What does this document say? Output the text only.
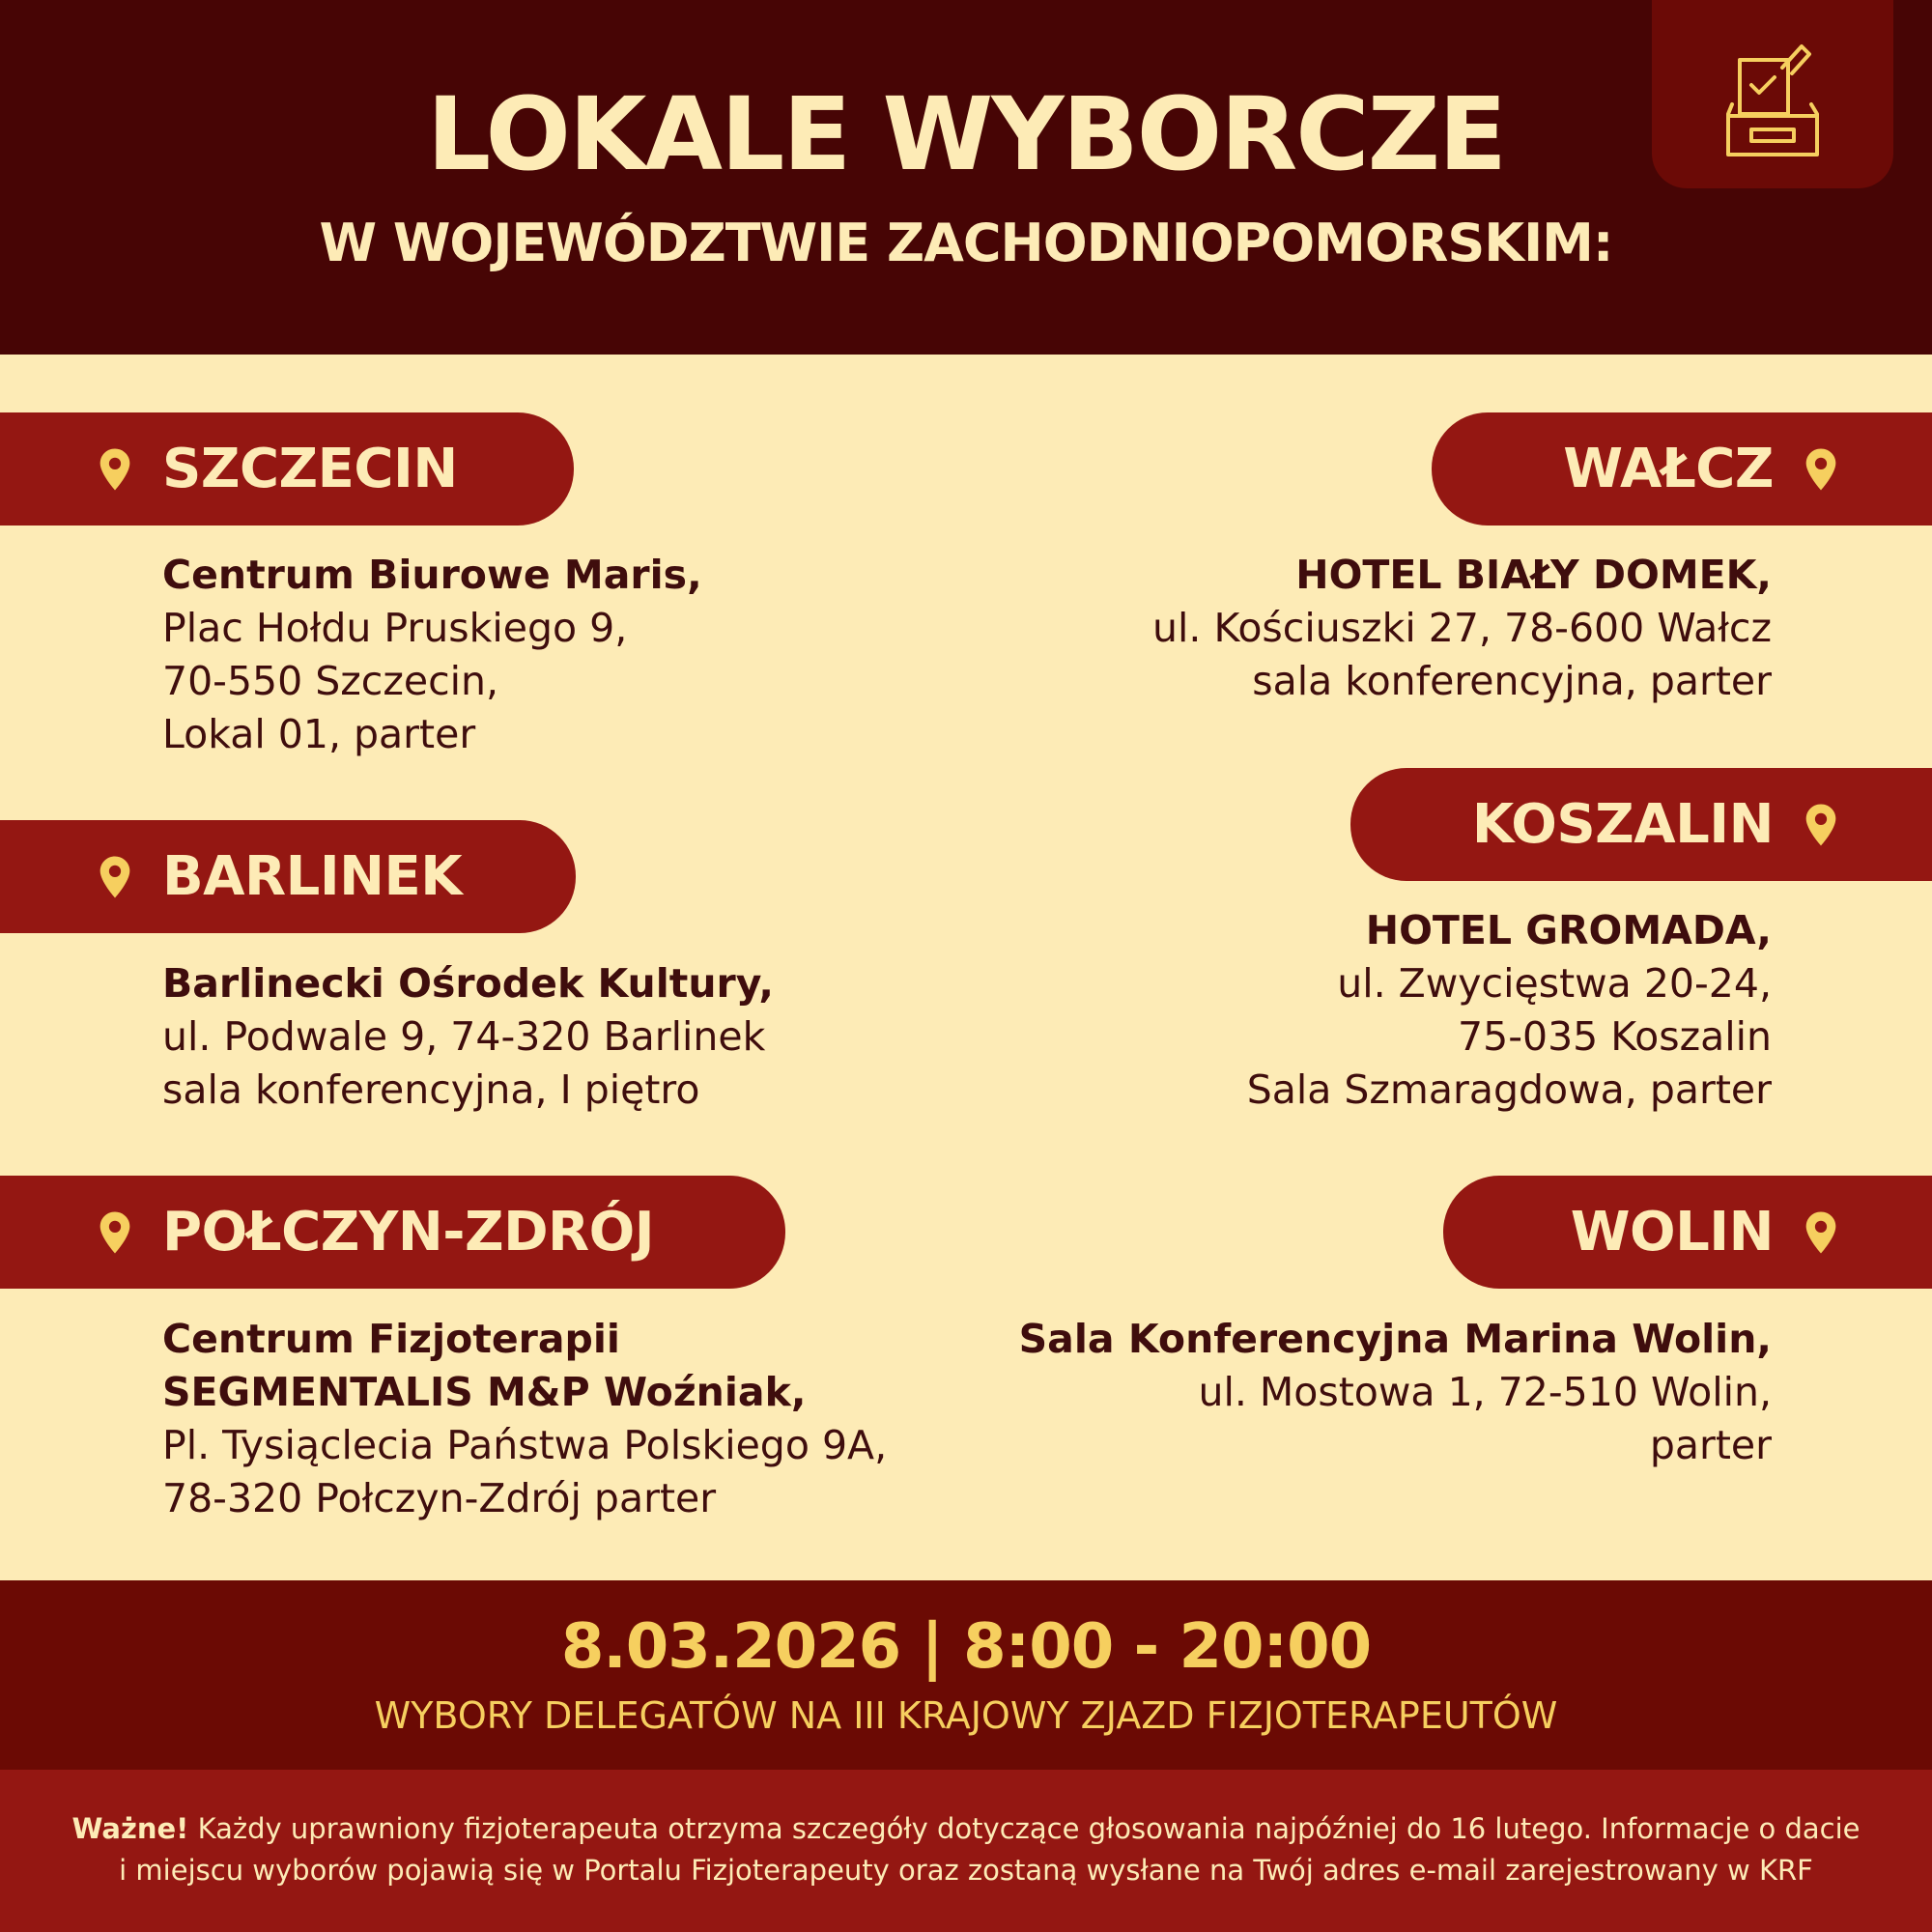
LOKALE WYBORCZE
W WOJEWÓDZTWIE ZACHODNIOPOMORSKIM:
SZCZECIN
Centrum Biurowe Maris,
Plac Hołdu Pruskiego 9,
70-550 Szczecin,
Lokal 01, parter
BARLINEK
Barlinecki Ośrodek Kultury,
ul. Podwale 9, 74-320 Barlinek
sala konferencyjna, I piętro
POŁCZYN-ZDRÓJ
Centrum Fizjoterapii
SEGMENTALIS M&P Woźniak,
Pl. Tysiąclecia Państwa Polskiego 9A,
78-320 Połczyn-Zdrój parter
WAŁCZ
HOTEL BIAŁY DOMEK,
ul. Kościuszki 27, 78-600 Wałcz
sala konferencyjna, parter
KOSZALIN
HOTEL GROMADA,
ul. Zwycięstwa 20-24,
75-035 Koszalin
Sala Szmaragdowa, parter
WOLIN
Sala Konferencyjna Marina Wolin,
ul. Mostowa 1, 72-510 Wolin,
parter
8.03.2026 | 8:00 - 20:00
WYBORY DELEGATÓW NA III KRAJOWY ZJAZD FIZJOTERAPEUTÓW
Ważne! Każdy uprawniony fizjoterapeuta otrzyma szczegóły dotyczące głosowania najpóźniej do 16 lutego. Informacje o dacie
i miejscu wyborów pojawią się w Portalu Fizjoterapeuty oraz zostaną wysłane na Twój adres e-mail zarejestrowany w KRF
